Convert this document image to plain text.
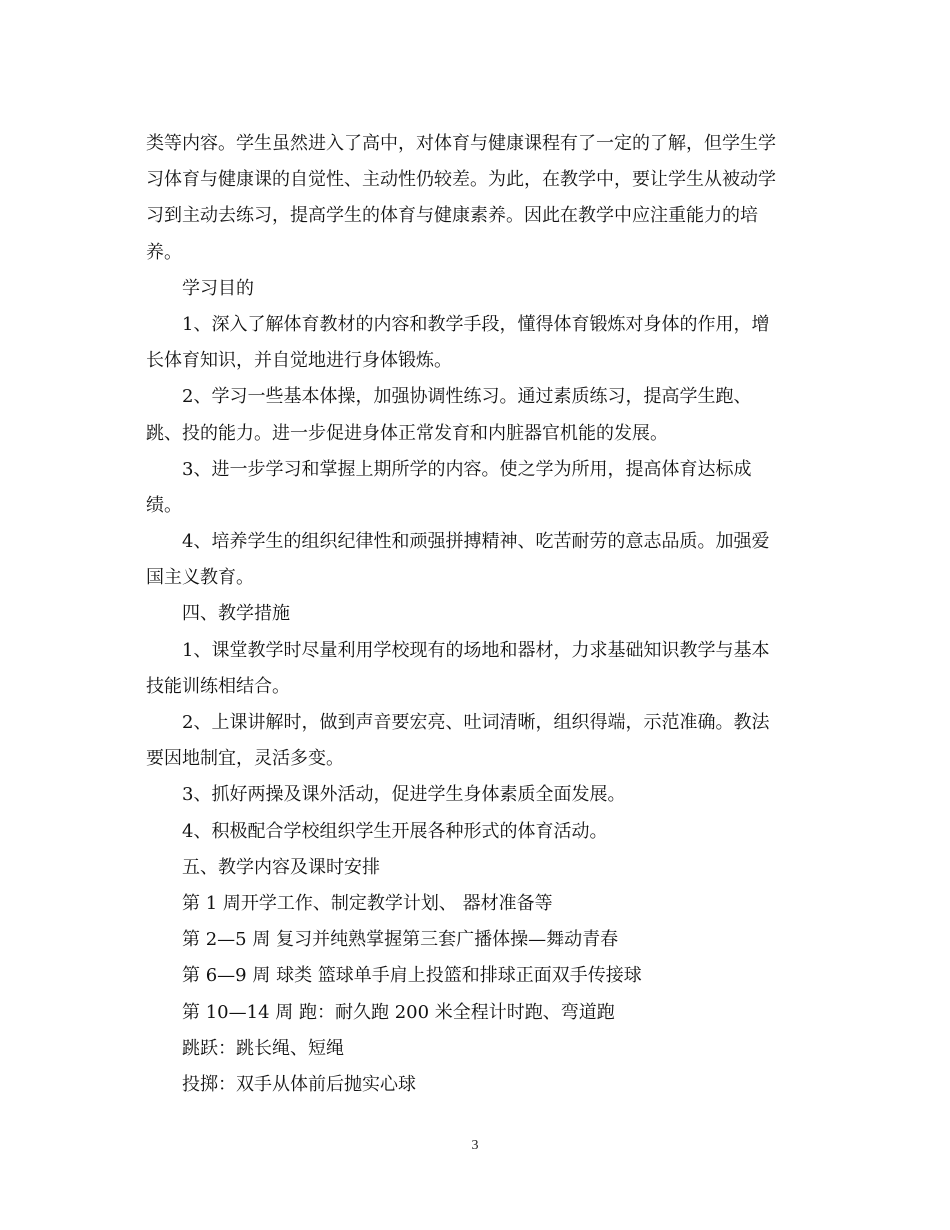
类等内容。学生虽然进入了高中，对体育与健康课程有了一定的了解，但学生学
习体育与健康课的自觉性、主动性仍较差。为此，在教学中，要让学生从被动学
习到主动去练习，提高学生的体育与健康素养。因此在教学中应注重能力的培
养。
学习目的
1、深入了解体育教材的内容和教学手段，懂得体育锻炼对身体的作用，增
长体育知识，并自觉地进行身体锻炼。
2、学习一些基本体操，加强协调性练习。通过素质练习，提高学生跑、
跳、投的能力。进一步促进身体正常发育和内脏器官机能的发展。
3、进一步学习和掌握上期所学的内容。使之学为所用，提高体育达标成
绩。
4、培养学生的组织纪律性和顽强拼搏精神、吃苦耐劳的意志品质。加强爱
国主义教育。
四、教学措施
1、课堂教学时尽量利用学校现有的场地和器材，力求基础知识教学与基本
技能训练相结合。
2、上课讲解时，做到声音要宏亮、吐词清晰，组织得端，示范准确。教法
要因地制宜，灵活多变。
3、抓好两操及课外活动，促进学生身体素质全面发展。
4、积极配合学校组织学生开展各种形式的体育活动。
五、教学内容及课时安排
第 1 周开学工作、制定教学计划、 器材准备等
第 2—5 周 复习并纯熟掌握第三套广播体操—舞动青春
第 6—9 周 球类 篮球单手肩上投篮和排球正面双手传接球
第 10—14 周 跑：耐久跑 200 米全程计时跑、弯道跑
跳跃：跳长绳、短绳
投掷：双手从体前后抛实心球
3
